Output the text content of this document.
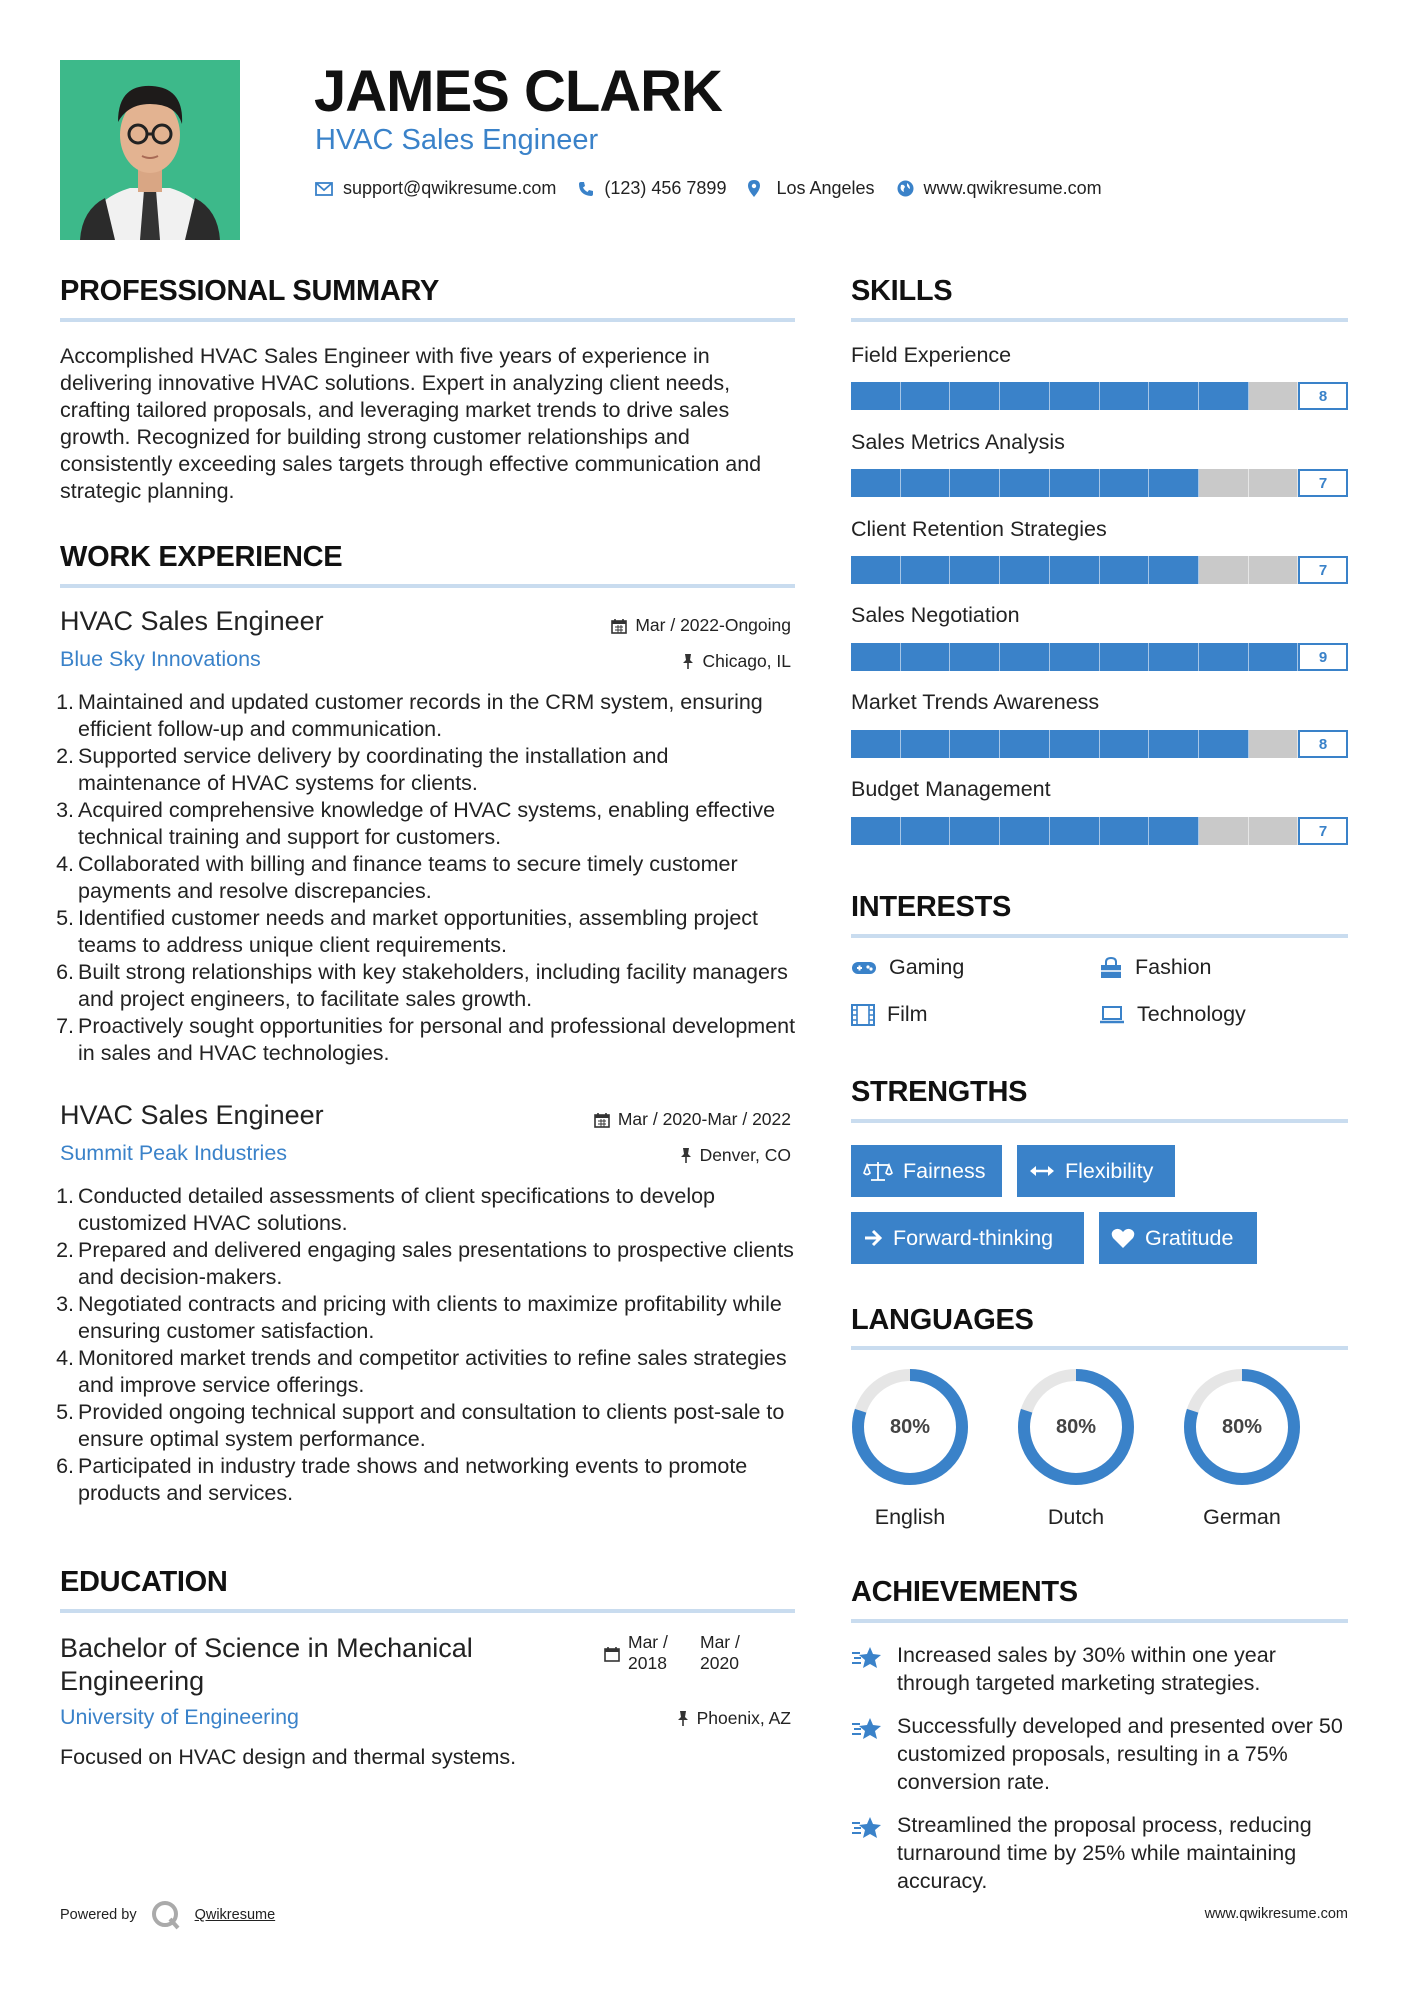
JAMES CLARK
HVAC Sales Engineer
support@qwikresume.com	(123) 456 7899	Los Angeles	www.qwikresume.com
PROFESSIONAL SUMMARY
Accomplished HVAC Sales Engineer with five years of experience in delivering innovative HVAC solutions. Expert in analyzing client needs, crafting tailored proposals, and leveraging market trends to drive sales growth. Recognized for building strong customer relationships and consistently exceeding sales targets through effective communication and strategic planning.
WORK EXPERIENCE
HVAC Sales Engineer	Mar / 2022-Ongoing
Blue Sky Innovations	Chicago, IL
1. Maintained and updated customer records in the CRM system, ensuring efficient follow-up and communication.
2. Supported service delivery by coordinating the installation and maintenance of HVAC systems for clients.
3. Acquired comprehensive knowledge of HVAC systems, enabling effective technical training and support for customers.
4. Collaborated with billing and finance teams to secure timely customer payments and resolve discrepancies.
5. Identified customer needs and market opportunities, assembling project teams to address unique client requirements.
6. Built strong relationships with key stakeholders, including facility managers and project engineers, to facilitate sales growth.
7. Proactively sought opportunities for personal and professional development in sales and HVAC technologies.
HVAC Sales Engineer	Mar / 2020-Mar / 2022
Summit Peak Industries	Denver, CO
1. Conducted detailed assessments of client specifications to develop customized HVAC solutions.
2. Prepared and delivered engaging sales presentations to prospective clients and decision-makers.
3. Negotiated contracts and pricing with clients to maximize profitability while ensuring customer satisfaction.
4. Monitored market trends and competitor activities to refine sales strategies and improve service offerings.
5. Provided ongoing technical support and consultation to clients post-sale to ensure optimal system performance.
6. Participated in industry trade shows and networking events to promote products and services.
EDUCATION
Bachelor of Science in Mechanical Engineering
Mar / 2018
Mar / 2020
University of Engineering	Phoenix, AZ
Focused on HVAC design and thermal systems.
SKILLS
Field Experience
8
Sales Metrics Analysis
7
Client Retention Strategies
7
Sales Negotiation
9
Market Trends Awareness
8
Budget Management
7
INTERESTS
Gaming	Fashion
Film	Technology
STRENGTHS
Fairness	Flexibility
Forward-thinking	Gratitude
LANGUAGES
80%
English
80%
Dutch
80%
German
ACHIEVEMENTS
Increased sales by 30% within one year through targeted marketing strategies.
Successfully developed and presented over 50 customized proposals, resulting in a 75% conversion rate.
Streamlined the proposal process, reducing turnaround time by 25% while maintaining accuracy.
Powered by	Qwikresume	www.qwikresume.com
